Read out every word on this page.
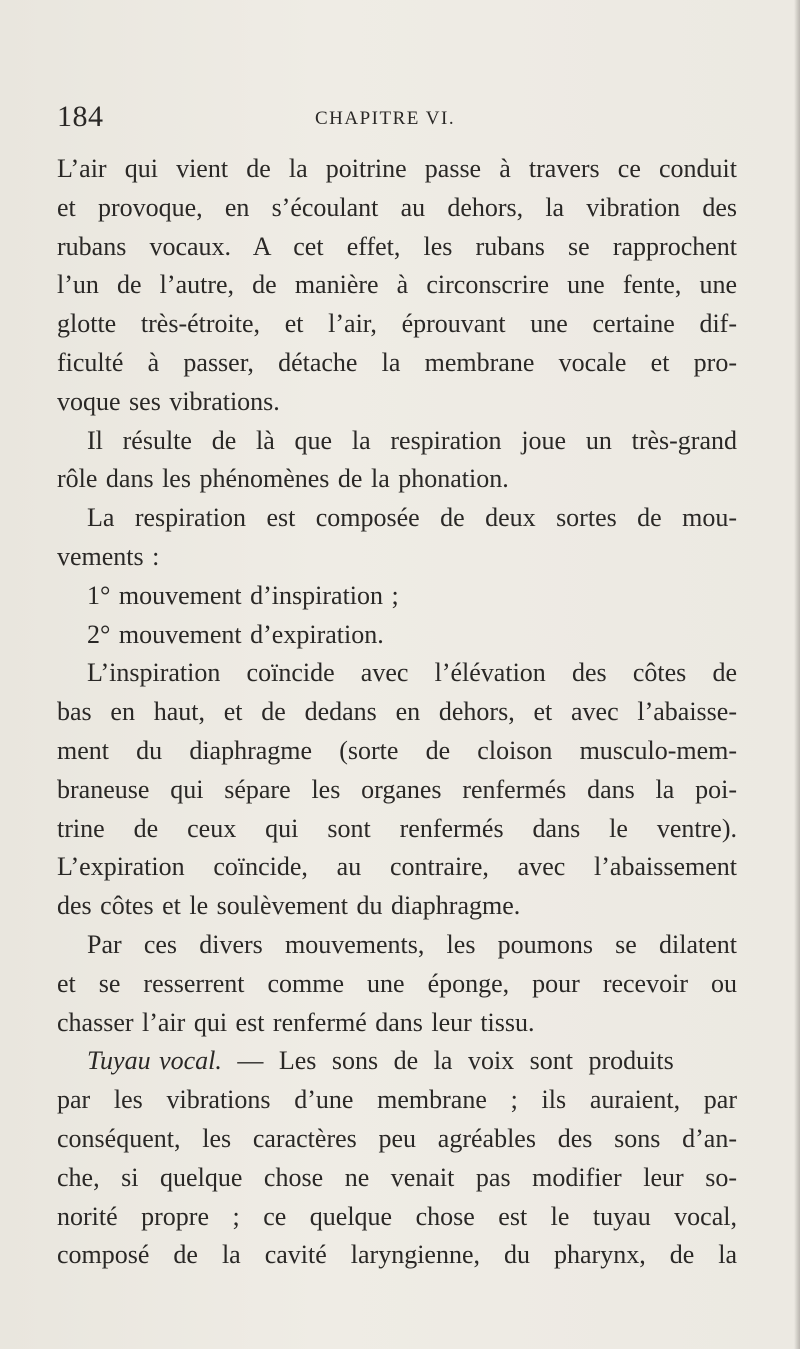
184	CHAPITRE VI.
L’air qui vient de la poitrine passe à travers ce conduit
et provoque, en s’écoulant au dehors, la vibration des
rubans vocaux. A cet effet, les rubans se rapprochent
l’un de l’autre, de manière à circonscrire une fente, une
glotte très-étroite, et l’air, éprouvant une certaine dif-
ficulté à passer, détache la membrane vocale et pro-
voque ses vibrations.
Il résulte de là que la respiration joue un très-grand
rôle dans les phénomènes de la phonation.
La respiration est composée de deux sortes de mou-
vements :
1° mouvement d’inspiration ;
2° mouvement d’expiration.
L’inspiration coïncide avec l’élévation des côtes de
bas en haut, et de dedans en dehors, et avec l’abaisse-
ment du diaphragme (sorte de cloison musculo-mem-
braneuse qui sépare les organes renfermés dans la poi-
trine de ceux qui sont renfermés dans le ventre).
L’expiration coïncide, au contraire, avec l’abaissement
des côtes et le soulèvement du diaphragme.
Par ces divers mouvements, les poumons se dilatent
et se resserrent comme une éponge, pour recevoir ou
chasser l’air qui est renfermé dans leur tissu.
Tuyau vocal. — Les sons de la voix sont produits
par les vibrations d’une membrane ; ils auraient, par
conséquent, les caractères peu agréables des sons d’an-
che, si quelque chose ne venait pas modifier leur so-
norité propre ; ce quelque chose est le tuyau vocal,
composé de la cavité laryngienne, du pharynx, de la
